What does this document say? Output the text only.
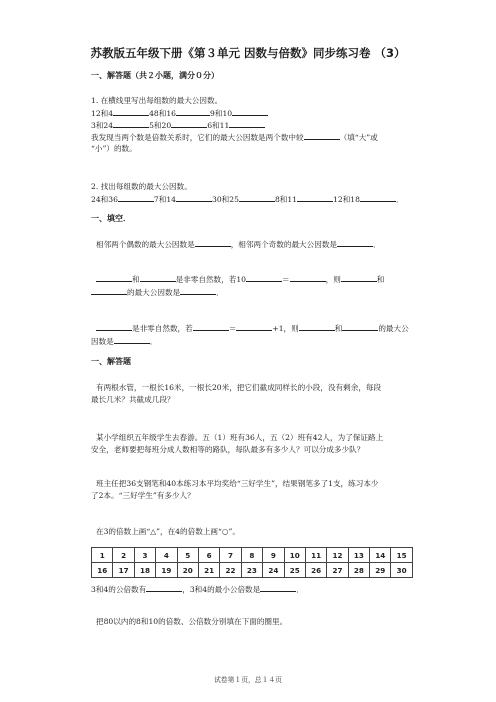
苏教版五年级下册《第３单元 因数与倍数》同步练习卷 （3）
一、解答题（共２小题，满分０分）
1. 在横线里写出每组数的最大公因数。
12和4	48和16	9和10
3和24	5和20	6和11
我发现当两个数是倍数关系时，它们的最大公因数是两个数中较	（填“大”或
“小”）的数。
2. 找出每组数的最大公因数。
24和36	7和14	30和25	8和11	12和18	．
一、填空．
相邻两个偶数的最大公因数是	，相邻两个奇数的最大公因数是	．
和	是非零自然数，若10	＝	，则	和
的最大公因数是	．
是非零自然数，若	＝	+1，则	和	的最大公
因数是	．
一、解答题
有两根水管，一根长16米，一根长20米，把它们截成同样长的小段，没有剩余，每段
最长几米？共截成几段？
某小学组织五年级学生去春游。五（1）班有36人，五（2）班有42人，为了保证路上
安全，老师要把每班分成人数相等的路队，每队最多有多少人？可以分成多少队？
班主任把36支钢笔和40本练习本平均奖给“三好学生”，结果钢笔多了1支，练习本少
了2本。“三好学生”有多少人？
在3的倍数上画“△”，在4的倍数上画“○”。
1	2	3	4	5	6	7	8	9	10	11	12	13	14	15
16	17	18	19	20	21	22	23	24	25	26	27	28	29	30
3和4的公倍数有	，3和4的最小公倍数是	．
把80以内的8和10的倍数、公倍数分别填在下面的圈里。
试卷第１页，总１４页
